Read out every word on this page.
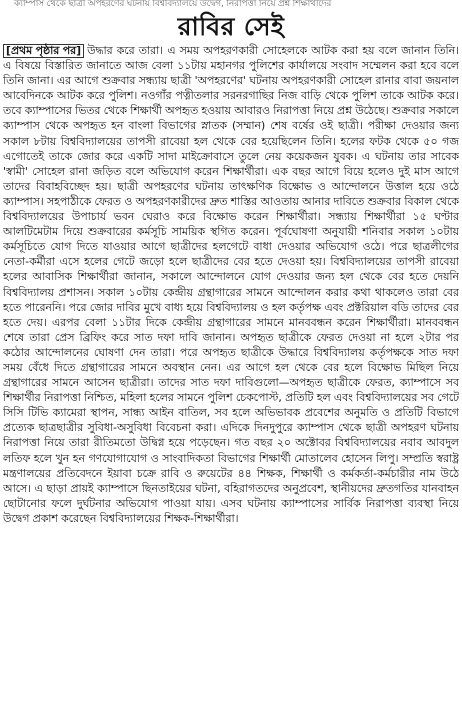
ক্যাম্পাস থেকে ছাত্রী অপহরণের ঘটনায় বিশ্ববিদ্যালয়ে উদ্বেগ, নিরাপত্তা নিয়ে প্রশ্ন শিক্ষার্থীদের
রাবির সেই

[প্রথম পৃষ্ঠার পর] উদ্ধার করে তারা। এ সময় অপহরণকারী সোহেলকে আটক করা হয় বলে জানান তিনি। এ বিষয়ে বিস্তারিত জানাতে আজ বেলা ১১টায় মহানগর পুলিশের কার্যালয়ে সংবাদ সম্মেলন করা হবে বলে তিনি জানা। এর আগে শুক্রবার সন্ধ্যায় ছাত্রী 'অপহরণের' ঘটনায় অপহরণকারী সোহেল রানার বাবা জয়নাল আবেদিনকে আটক করে পুলিশ। নওগাঁর পত্নীতলার সরনরগাছির নিজ বাড়ি থেকে পুলিশ তাকে আটক করে। তবে ক্যাম্পাসের ভিতর থেকে শিক্ষার্থী অপহৃত হওয়ায় আবারও নিরাপত্তা নিয়ে প্রশ্ন উঠেছে। শুক্রবার সকালে ক্যাম্পাস থেকে অপহৃত হন বাংলা বিভাগের স্নাতক (সম্মান) শেষ বর্ষের ওই ছাত্রী। পরীক্ষা দেওয়ার জন্য সকাল ৮টায় বিশ্ববিদ্যালয়ের তাপসী রাবেয়া হল থেকে বের হয়েছিলেন তিনি। হলের ফটক থেকে ৫০ গজ এগোতেই তাকে জোর করে একটি সাদা মাইক্রোবাসে তুলে নেয় কয়েকজন যুবক। এ ঘটনায় তার সাবেক 'স্বামী' সোহেল রানা জড়িত বলে অভিযোগ করেন শিক্ষার্থীরা। এক বছর আগে বিয়ে হলেও দুই মাস আগে তাদের বিবাহবিচ্ছেদ হয়। ছাত্রী অপহরণের ঘটনায় তাৎক্ষণিক বিক্ষোভ ও আন্দোলনে উত্তাল হয়ে ওঠে ক্যাম্পাস। সহপাঠীকে ফেরত ও অপহরণকারীদের দ্রুত শাস্তির আওতায় আনার দাবিতে শুক্রবার বিকাল থেকে বিশ্ববিদ্যালয়ের উপাচার্য ভবন ঘেরাও করে বিক্ষোভ করেন শিক্ষার্থীরা। সন্ধ্যায় শিক্ষার্থীরা ১৫ ঘণ্টার আলটিমেটাম দিয়ে শুক্রবারের কর্মসূচি সাময়িক স্থগিত করেন। পূর্বঘোষণা অনুযায়ী শনিবার সকাল ১০টায় কর্মসূচিতে যোগ দিতে যাওয়ার আগে ছাত্রীদের হলগেটে বাধা দেওয়ার অভিযোগ ওঠে। পরে ছাত্রলীগের নেতা-কর্মীরা এসে হলের গেটে জড়ো হলে ছাত্রীদের বের হতে দেওয়া হয়। বিশ্ববিদ্যালয়ের তাপসী রাবেয়া হলের আবাসিক শিক্ষার্থীরা জানান, সকালে আন্দোলনে যোগ দেওয়ার জন্য হল থেকে বের হতে দেয়নি বিশ্ববিদ্যালয় প্রশাসন। সকাল ১০টায় কেন্দ্রীয় গ্রন্থাগারের সামনে আন্দোলন করার কথা থাকলেও তারা বের হতে পারেননি। পরে জোর দাবির মুখে বাধ্য হয়ে বিশ্ববিদ্যালয় ও হল কর্তৃপক্ষ এবং প্রক্টরিয়াল বডি তাদের বের হতে দেয়। এরপর বেলা ১১টার দিকে কেন্দ্রীয় গ্রন্থাগারের সামনে মানববন্ধন করেন শিক্ষার্থীরা। মানববন্ধন শেষে তারা প্রেস ব্রিফিং করে সাত দফা দাবি জানান। অপহৃত ছাত্রীকে ফেরত দেওয়া না হলে ২টার পর কঠোর আন্দোলনের ঘোষণা দেন তারা। পরে অপহৃত ছাত্রীকে উদ্ধারে বিশ্ববিদ্যালয় কর্তৃপক্ষকে সাত দফা সময় বেঁধে দিতে গ্রন্থাগারের সামনে অবস্থান নেন। এর আগে হল থেকে বের হলে বিক্ষোভ মিছিল নিয়ে গ্রন্থাগারের সামনে আসেন ছাত্রীরা। তাদের সাত দফা দাবিগুলো—অপহৃত ছাত্রীকে ফেরত, ক্যাম্পাসে সব শিক্ষার্থীর নিরাপত্তা নিশ্চিত, মহিলা হলের সামনে পুলিশ চেকপোস্ট, প্রতিটি হল এবং বিশ্ববিদ্যালয়ের সব গেটে সিসি টিভি ক্যামেরা স্থাপন, সান্ধ্য আইন বাতিল, সব হলে অভিভাবক প্রবেশের অনুমতি ও প্রতিটি বিভাগে প্রত্যেক ছাত্রছাত্রীর সুবিধা-অসুবিধা বিবেচনা করা। এদিকে দিনদুপুরে ক্যাম্পাস থেকে ছাত্রী অপহরণ ঘটনায় নিরাপত্তা নিয়ে তারা রীতিমতো উদ্বিগ্ন হয়ে পড়েছেন। গত বছর ২০ অক্টোবর বিশ্ববিদ্যালয়ের নবাব আবদুল লতিফ হলে খুন হন গণযোগাযোগ ও সাংবাদিকতা বিভাগের শিক্ষার্থী মোতালেব হোসেন লিপু। সম্প্রতি স্বরাষ্ট্র মন্ত্রণালয়ের প্রতিবেদনে ইয়াবা চক্রে রাবি ও রুয়েটের ৪৪ শিক্ষক, শিক্ষার্থী ও কর্মকর্তা-কর্মচারীর নাম উঠে আসে। এ ছাড়া প্রায়ই ক্যাম্পাসে ছিনতাইয়ের ঘটনা, বহিরাগতদের অনুপ্রবেশ, স্থানীয়দের দ্রুতগতির যানবাহন ছোটানোর ফলে দুর্ঘটনার অভিযোগ পাওয়া যায়। এসব ঘটনায় ক্যাম্পাসের সার্বিক নিরাপত্তা ব্যবস্থা নিয়ে উদ্বেগ প্রকাশ করেছেন বিশ্ববিদ্যালয়ের শিক্ষক-শিক্ষার্থীরা।
